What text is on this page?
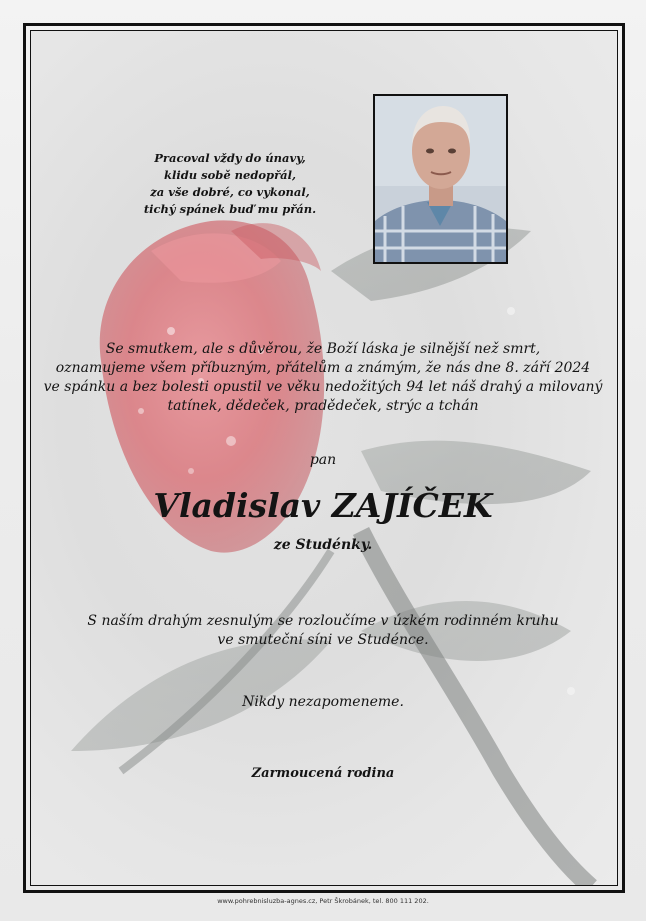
Pracoval vždy do únavy,
klidu sobě nedopřál,
za vše dobré, co vykonal,
tichý spánek buď mu přán.
Se smutkem, ale s důvěrou, že Boží láska je silnější než smrt,
oznamujeme všem příbuzným, přátelům a známým, že nás dne 8. září 2024
ve spánku a bez bolesti opustil ve věku nedožitých 94 let náš drahý a milovaný
tatínek, dědeček, pradědeček, strýc a tchán
pan
Vladislav ZAJÍČEK
ze Studénky.
S naším drahým zesnulým se rozloučíme v úzkém rodinném kruhu
ve smuteční síni ve Studénce.
Nikdy nezapomeneme.
Zarmoucená rodina
www.pohrebnisluzba-agnes.cz, Petr Škrobánek, tel. 800 111 202.
